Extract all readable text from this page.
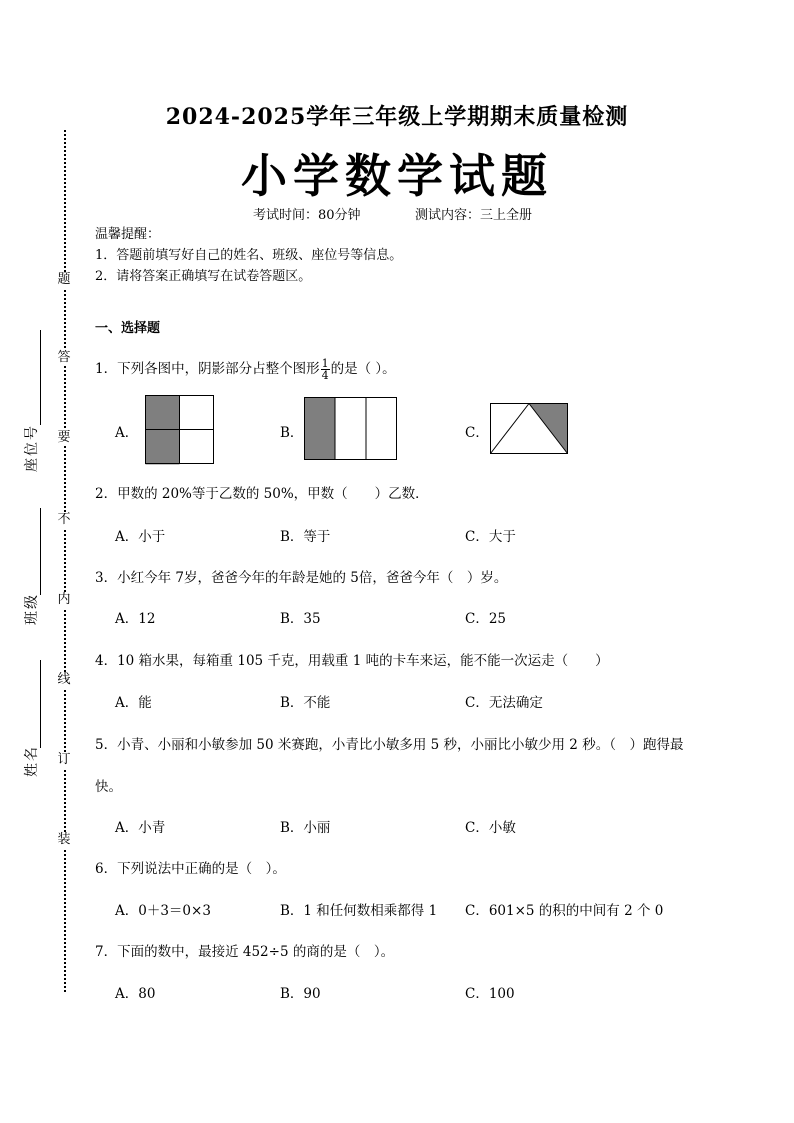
题
答
要
不
内
线
订
装
号
位
座
级
班
名
姓
2024-2025学年三年级上学期期末质量检测
小学数学试题
考试时间：80分钟	测试内容：三上全册
温馨提醒：
1．答题前填写好自己的姓名、班级、座位号等信息。
2．请将答案正确填写在试卷答题区。
一、选择题
1．下列各图中，阴影部分占整个图形 $\frac{1}{4}$ 的是（ ）。
A．	B．	C．
2．甲数的 20%等于乙数的 50%，甲数（　　）乙数．
A．小于	B．等于	C．大于
3．小红今年 7岁，爸爸今年的年龄是她的 5倍，爸爸今年（　）岁。
A．12	B．35	C．25
4．10 箱水果，每箱重 105 千克，用载重 1 吨的卡车来运，能不能一次运走（　　）
A．能	B．不能	C．无法确定
5．小青、小丽和小敏参加 50 米赛跑，小青比小敏多用 5 秒，小丽比小敏少用 2 秒。（　）跑得最
快。
A．小青	B．小丽	C．小敏
6．下列说法中正确的是（　）。
A．0＋3＝0×3	B．1 和任何数相乘都得 1 C．601×5 的积的中间有 2 个 0
7．下面的数中，最接近 452÷5 的商的是（　）。
A．80	B．90	C．100
